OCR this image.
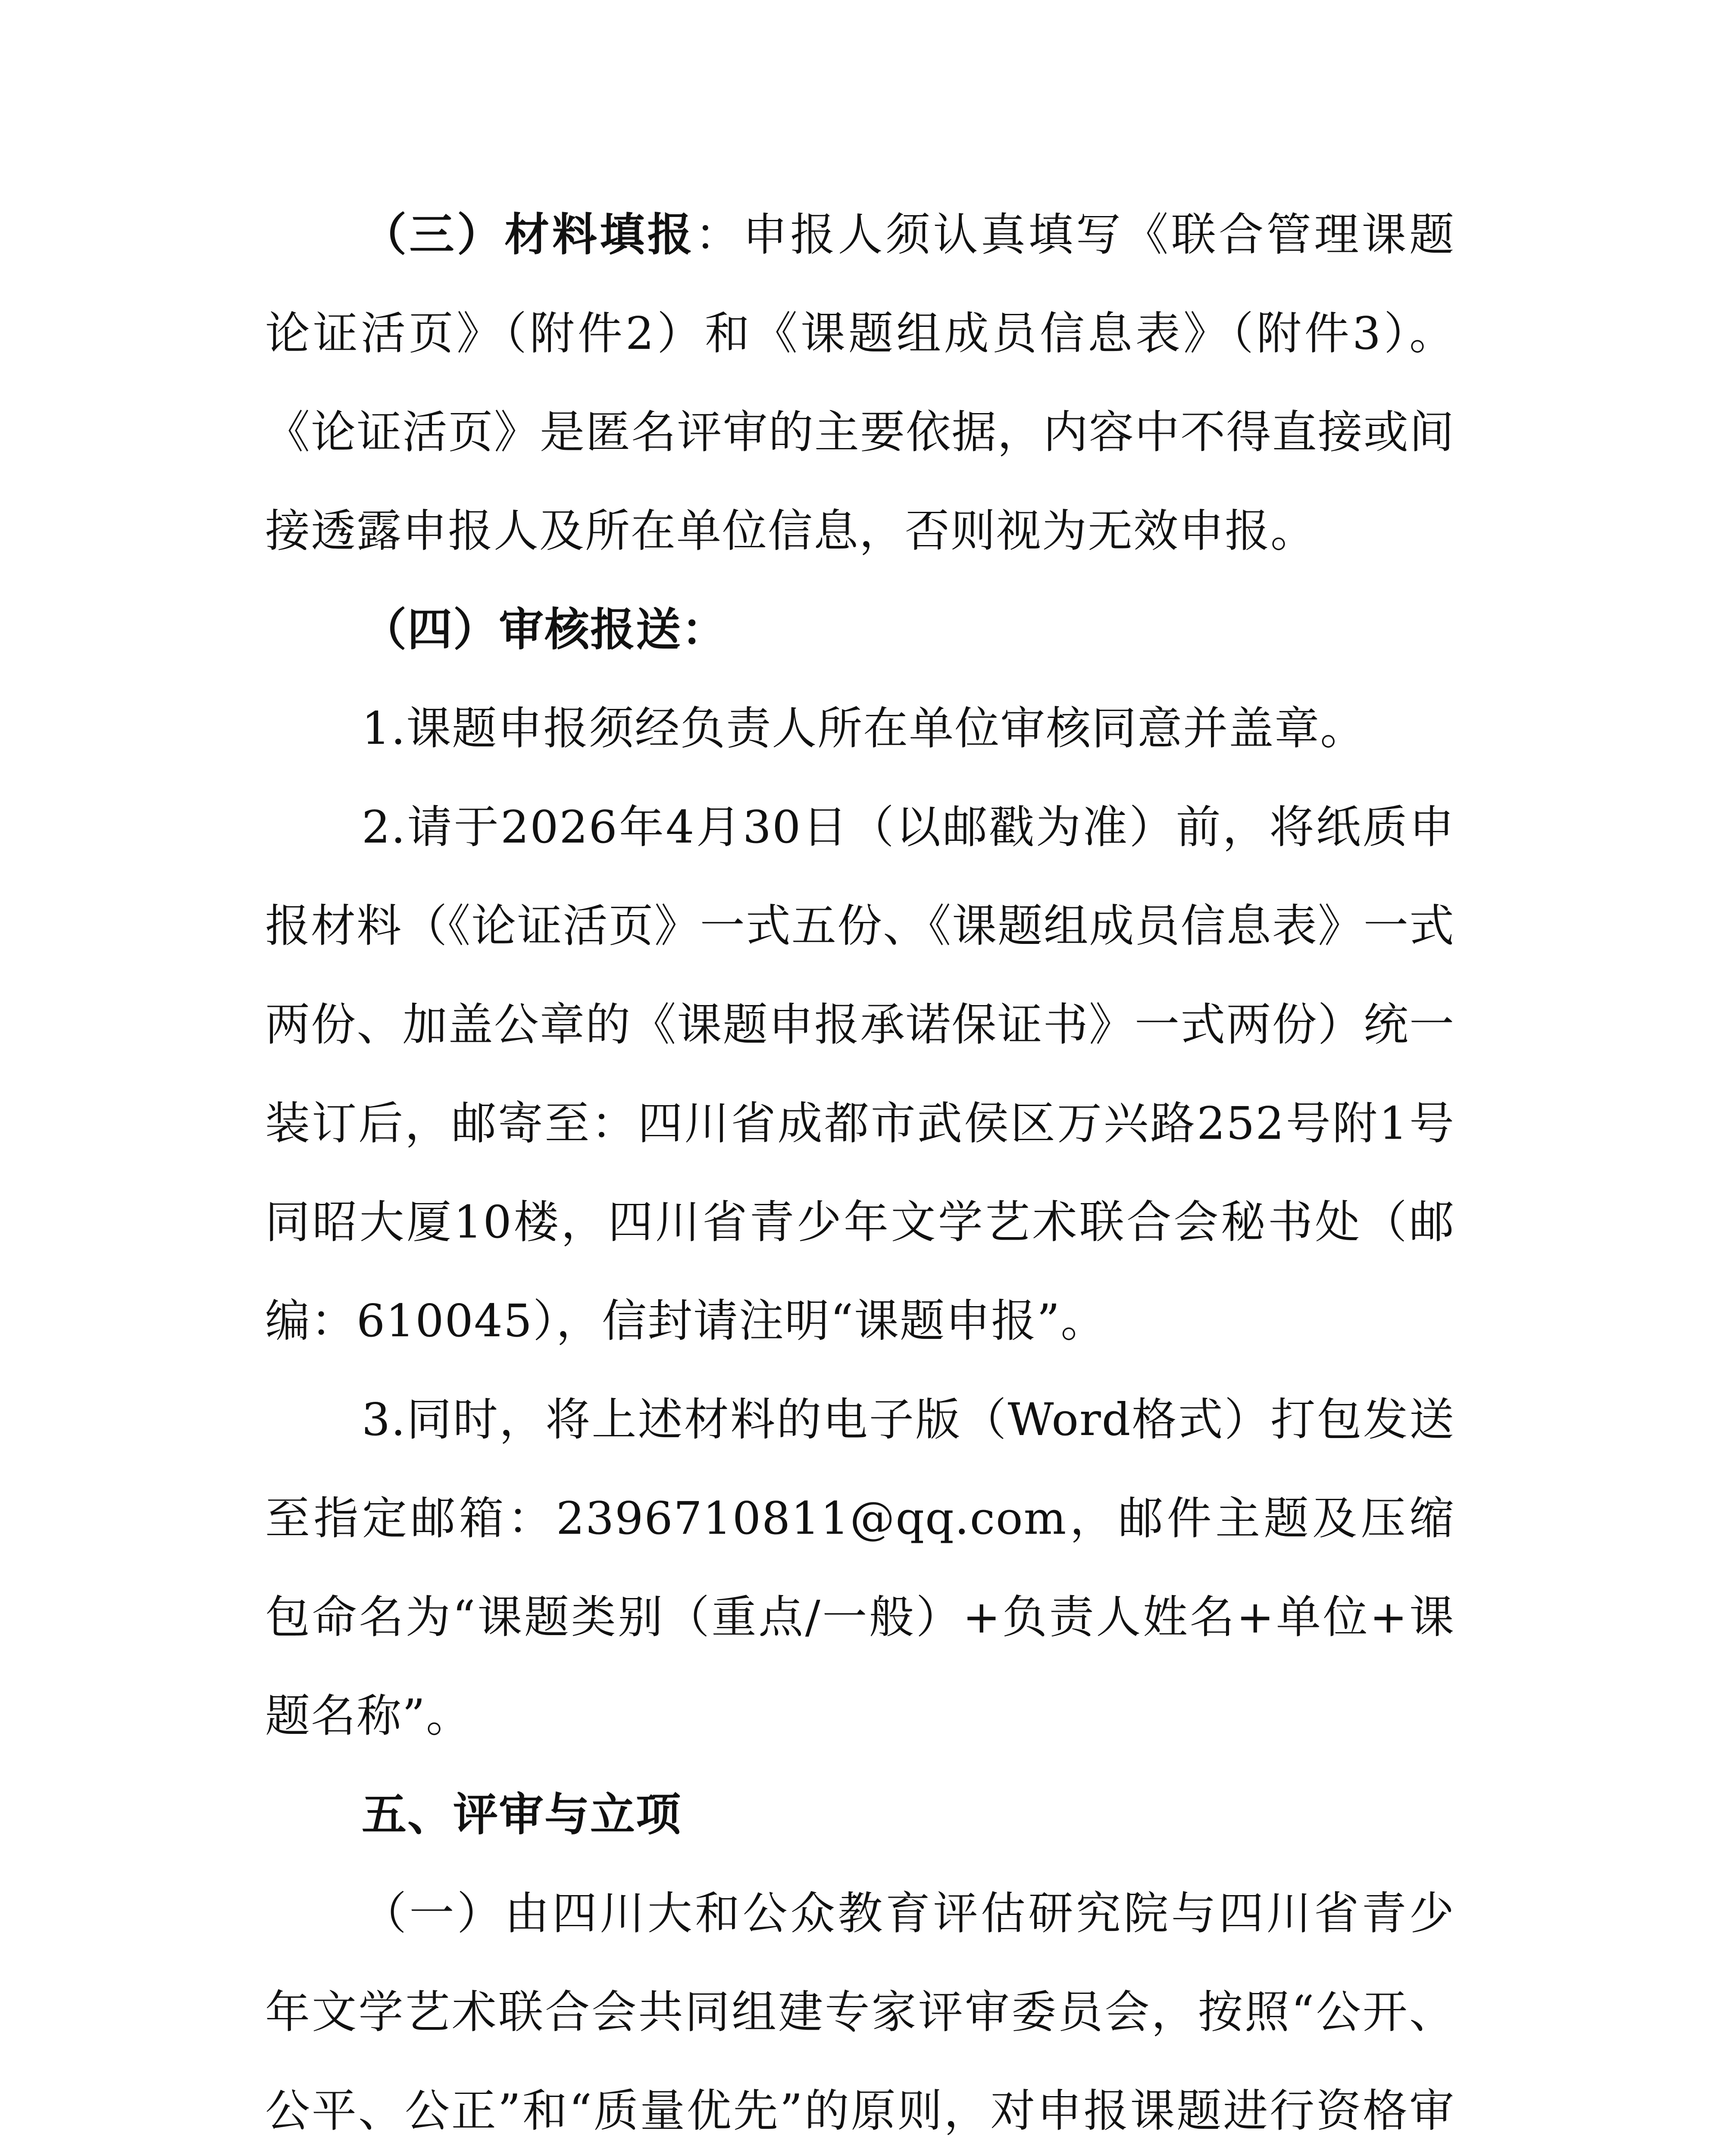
（三）材料填报：申报人须认真填写《联合管理课题论证活页》（附件2）和《课题组成员信息表》（附件3）。《论证活页》是匿名评审的主要依据，内容中不得直接或间接透露申报人及所在单位信息，否则视为无效申报。

（四）审核报送：

1.课题申报须经负责人所在单位审核同意并盖章。

2.请于2026年4月30日（以邮戳为准）前，将纸质申报材料（《论证活页》一式五份、《课题组成员信息表》一式两份、加盖公章的《课题申报承诺保证书》一式两份）统一装订后，邮寄至：四川省成都市武侯区万兴路252号附1号同昭大厦10楼，四川省青少年文学艺术联合会秘书处（邮编：610045），信封请注明“课题申报”。

3.同时，将上述材料的电子版（Word格式）打包发送至指定邮箱：2396710811@qq.com，邮件主题及压缩包命名为“课题类别（重点/一般）+负责人姓名+单位+课题名称”。

五、评审与立项

（一）由四川大和公众教育评估研究院与四川省青少年文学艺术联合会共同组建专家评审委员会，按照“公开、公平、公正”和“质量优先”的原则，对申报课题进行资格审
